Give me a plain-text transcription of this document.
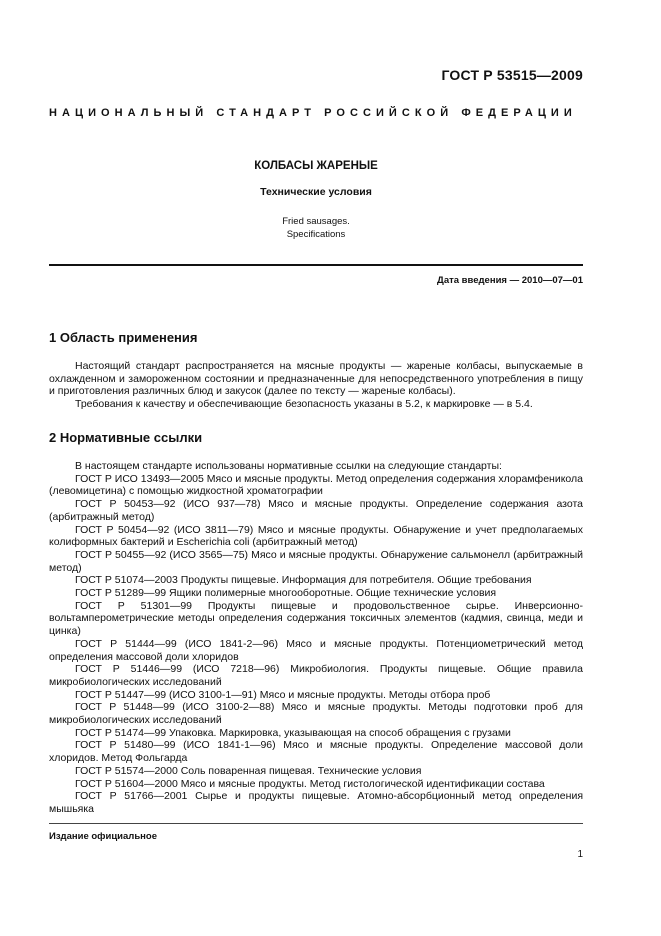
ГОСТ Р 53515—2009
НАЦИОНАЛЬНЫЙ СТАНДАРТ РОССИЙСКОЙ ФЕДЕРАЦИИ
КОЛБАСЫ ЖАРЕНЫЕ
Технические условия
Fried sausages.
Specifications
Дата введения — 2010—07—01
1 Область применения

Настоящий стандарт распространяется на мясные продукты — жареные колбасы, выпускаемые в охлажденном и замороженном состоянии и предназначенные для непосредственного употребления в пищу и приготовления различных блюд и закусок (далее по тексту — жареные колбасы).

Требования к качеству и обеспечивающие безопасность указаны в 5.2, к маркировке — в 5.4.

2 Нормативные ссылки

В настоящем стандарте использованы нормативные ссылки на следующие стандарты:

ГОСТ Р ИСО 13493—2005 Мясо и мясные продукты. Метод определения содержания хлорамфеникола (левомицетина) с помощью жидкостной хроматографии

ГОСТ Р 50453—92 (ИСО 937—78) Мясо и мясные продукты. Определение содержания азота (арбитражный метод)

ГОСТ Р 50454—92 (ИСО 3811—79) Мясо и мясные продукты. Обнаружение и учет предполагаемых колиформных бактерий и Escherichia coli (арбитражный метод)

ГОСТ Р 50455—92 (ИСО 3565—75) Мясо и мясные продукты. Обнаружение сальмонелл (арбитражный метод)

ГОСТ Р 51074—2003 Продукты пищевые. Информация для потребителя. Общие требования

ГОСТ Р 51289—99 Ящики полимерные многооборотные. Общие технические условия

ГОСТ Р 51301—99 Продукты пищевые и продовольственное сырье. Инверсионно-вольтамперометрические методы определения содержания токсичных элементов (кадмия, свинца, меди и цинка)

ГОСТ Р 51444—99 (ИСО 1841-2—96) Мясо и мясные продукты. Потенциометрический метод определения массовой доли хлоридов

ГОСТ Р 51446—99 (ИСО 7218—96) Микробиология. Продукты пищевые. Общие правила микробиологических исследований

ГОСТ Р 51447—99 (ИСО 3100-1—91) Мясо и мясные продукты. Методы отбора проб

ГОСТ Р 51448—99 (ИСО 3100-2—88) Мясо и мясные продукты. Методы подготовки проб для микробиологических исследований

ГОСТ Р 51474—99 Упаковка. Маркировка, указывающая на способ обращения с грузами

ГОСТ Р 51480—99 (ИСО 1841-1—96) Мясо и мясные продукты. Определение массовой доли хлоридов. Метод Фольгарда

ГОСТ Р 51574—2000 Соль поваренная пищевая. Технические условия

ГОСТ Р 51604—2000 Мясо и мясные продукты. Метод гистологической идентификации состава

ГОСТ Р 51766—2001 Сырье и продукты пищевые. Атомно-абсорбционный метод определения мышьяка

Издание официальное
1
